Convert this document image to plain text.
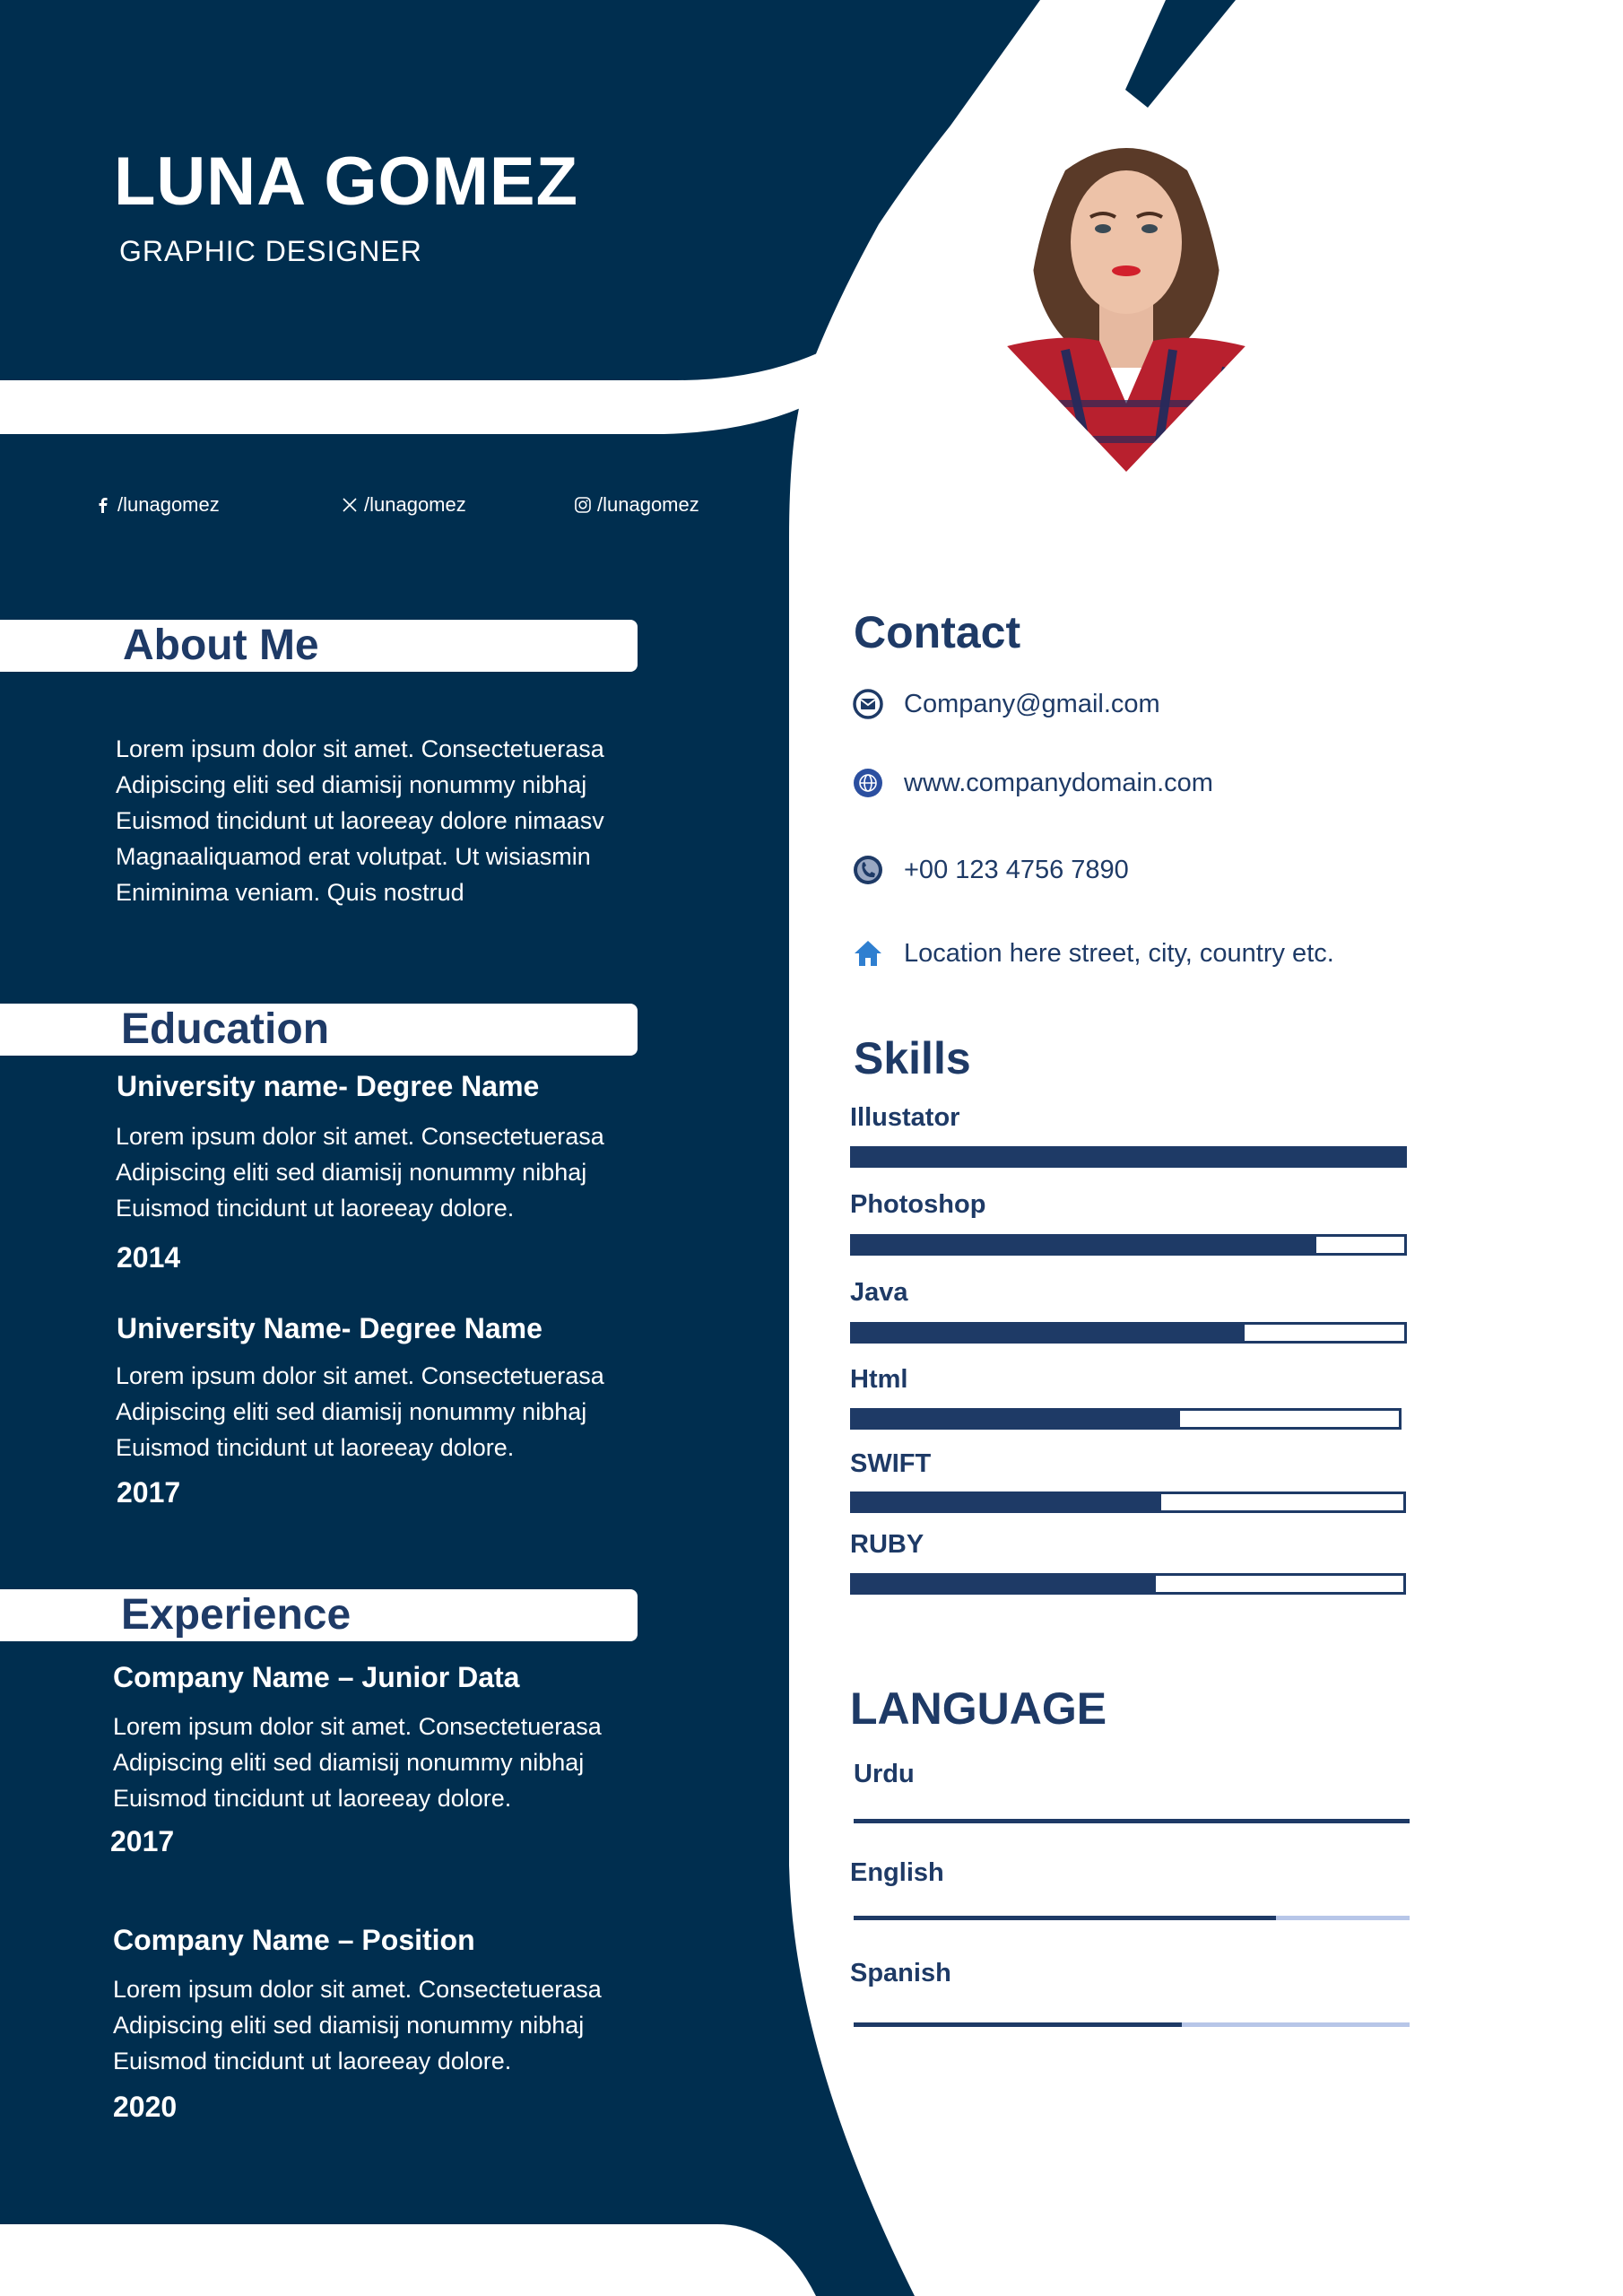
LUNA GOMEZ
GRAPHIC DESIGNER
/lunagomez	/lunagomez	/lunagomez
About Me
Lorem ipsum dolor sit amet. Consectetuerasa
Adipiscing eliti sed diamisij nonummy nibhaj
Euismod tincidunt ut laoreeay dolore nimaasv
Magnaaliquamod erat volutpat. Ut wisiasmin
Eniminima veniam. Quis nostrud
Education
University name- Degree Name
Lorem ipsum dolor sit amet. Consectetuerasa
Adipiscing eliti sed diamisij nonummy nibhaj
Euismod tincidunt ut laoreeay dolore.
2014
University Name- Degree Name
Lorem ipsum dolor sit amet. Consectetuerasa
Adipiscing eliti sed diamisij nonummy nibhaj
Euismod tincidunt ut laoreeay dolore.
2017
Experience
Company Name – Junior Data
Lorem ipsum dolor sit amet. Consectetuerasa
Adipiscing eliti sed diamisij nonummy nibhaj
Euismod tincidunt ut laoreeay dolore.
2017
Company Name – Position
Lorem ipsum dolor sit amet. Consectetuerasa
Adipiscing eliti sed diamisij nonummy nibhaj
Euismod tincidunt ut laoreeay dolore.
2020
Contact
Company@gmail.com
www.companydomain.com
+00 123 4756 7890
Location here street, city, country etc.
Skills
Illustator
Photoshop
Java
Html
SWIFT
RUBY
LANGUAGE
Urdu
English
Spanish
